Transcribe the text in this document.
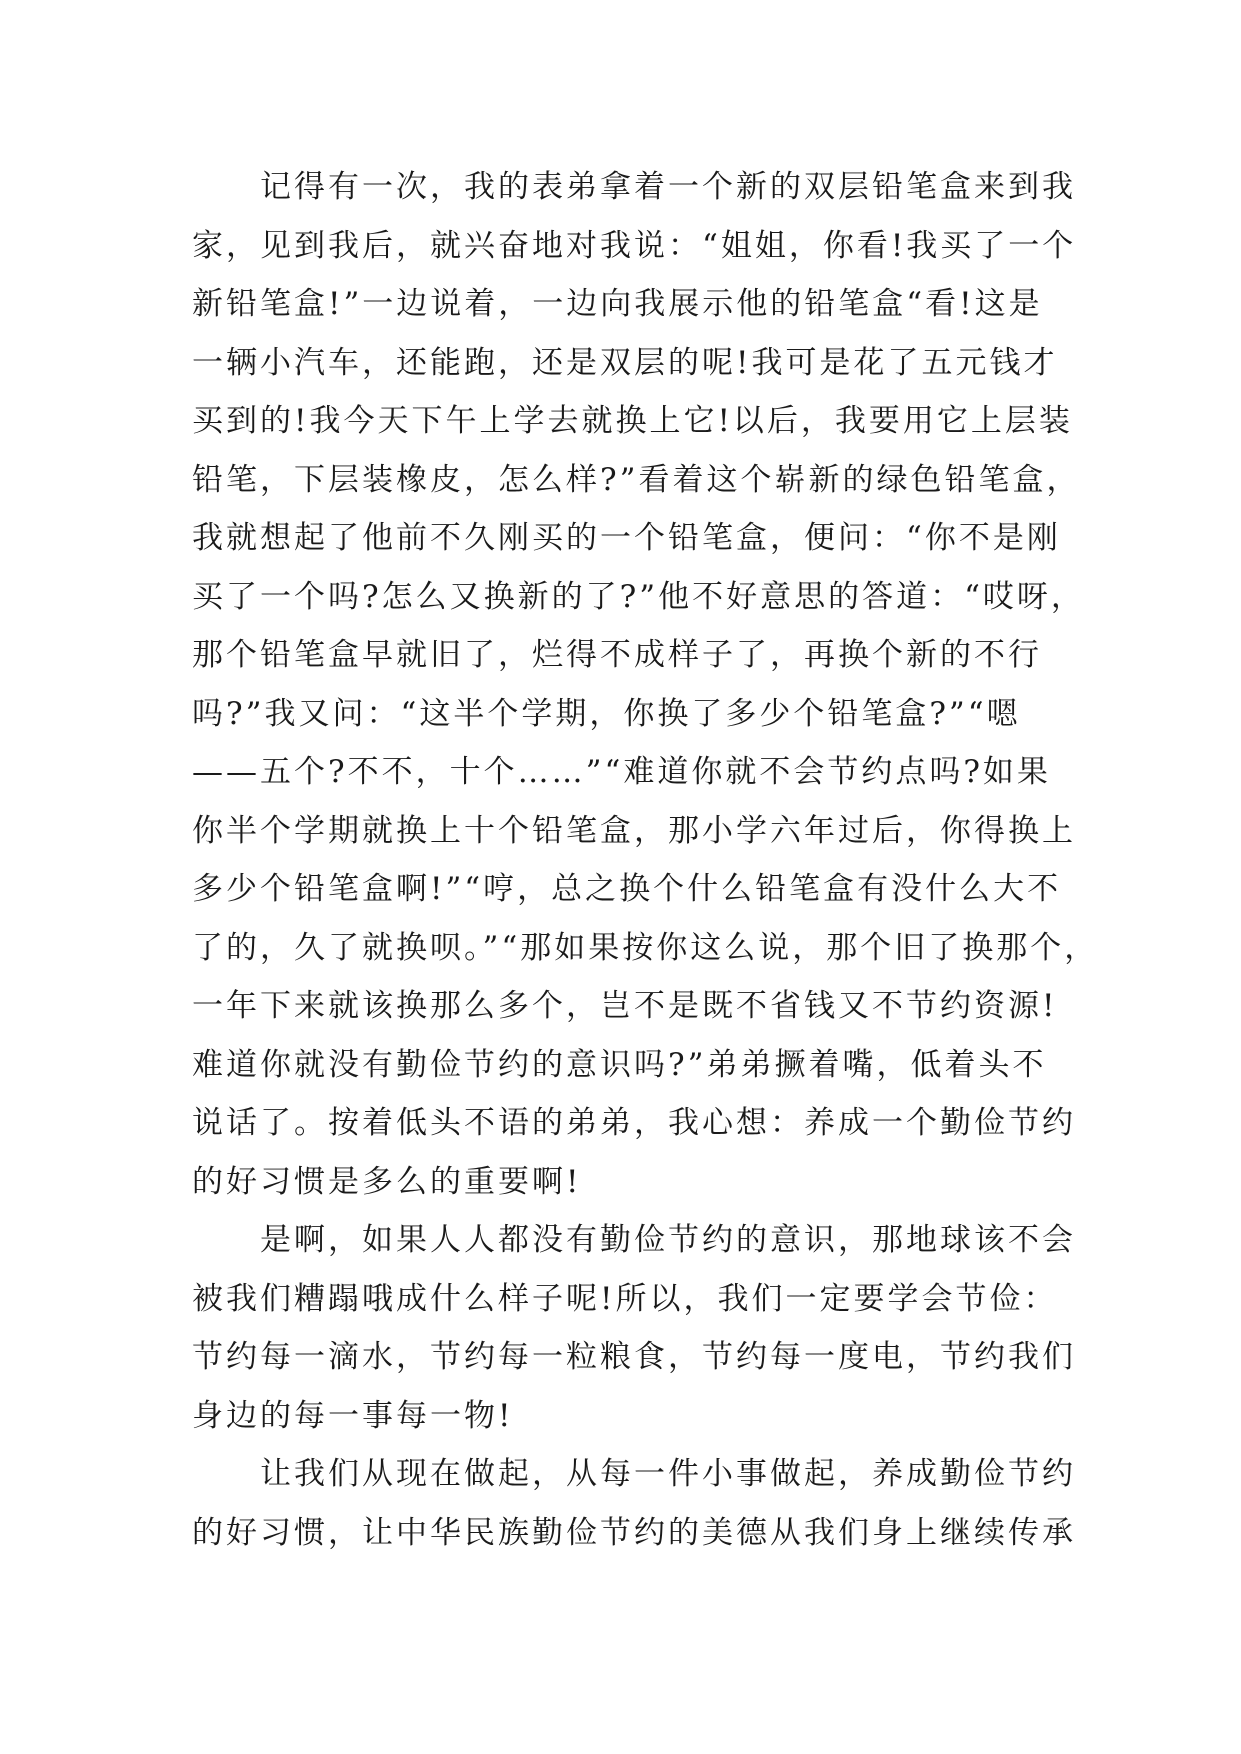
记得有一次，我的表弟拿着一个新的双层铅笔盒来到我
家，见到我后，就兴奋地对我说：“姐姐，你看!我买了一个
新铅笔盒!”一边说着，一边向我展示他的铅笔盒“看!这是
一辆小汽车，还能跑，还是双层的呢!我可是花了五元钱才
买到的!我今天下午上学去就换上它!以后，我要用它上层装
铅笔，下层装橡皮，怎么样?”看着这个崭新的绿色铅笔盒，
我就想起了他前不久刚买的一个铅笔盒，便问：“你不是刚
买了一个吗?怎么又换新的了?”他不好意思的答道：“哎呀，
那个铅笔盒早就旧了，烂得不成样子了，再换个新的不行
吗?”我又问：“这半个学期，你换了多少个铅笔盒?”“嗯
——五个?不不，十个……”“难道你就不会节约点吗?如果
你半个学期就换上十个铅笔盒，那小学六年过后，你得换上
多少个铅笔盒啊!”“哼，总之换个什么铅笔盒有没什么大不
了的，久了就换呗。”“那如果按你这么说，那个旧了换那个，
一年下来就该换那么多个，岂不是既不省钱又不节约资源!
难道你就没有勤俭节约的意识吗?”弟弟撅着嘴，低着头不
说话了。按着低头不语的弟弟，我心想：养成一个勤俭节约
的好习惯是多么的重要啊!
是啊，如果人人都没有勤俭节约的意识，那地球该不会
被我们糟蹋哦成什么样子呢!所以，我们一定要学会节俭：
节约每一滴水，节约每一粒粮食，节约每一度电，节约我们
身边的每一事每一物!
让我们从现在做起，从每一件小事做起，养成勤俭节约
的好习惯，让中华民族勤俭节约的美德从我们身上继续传承
